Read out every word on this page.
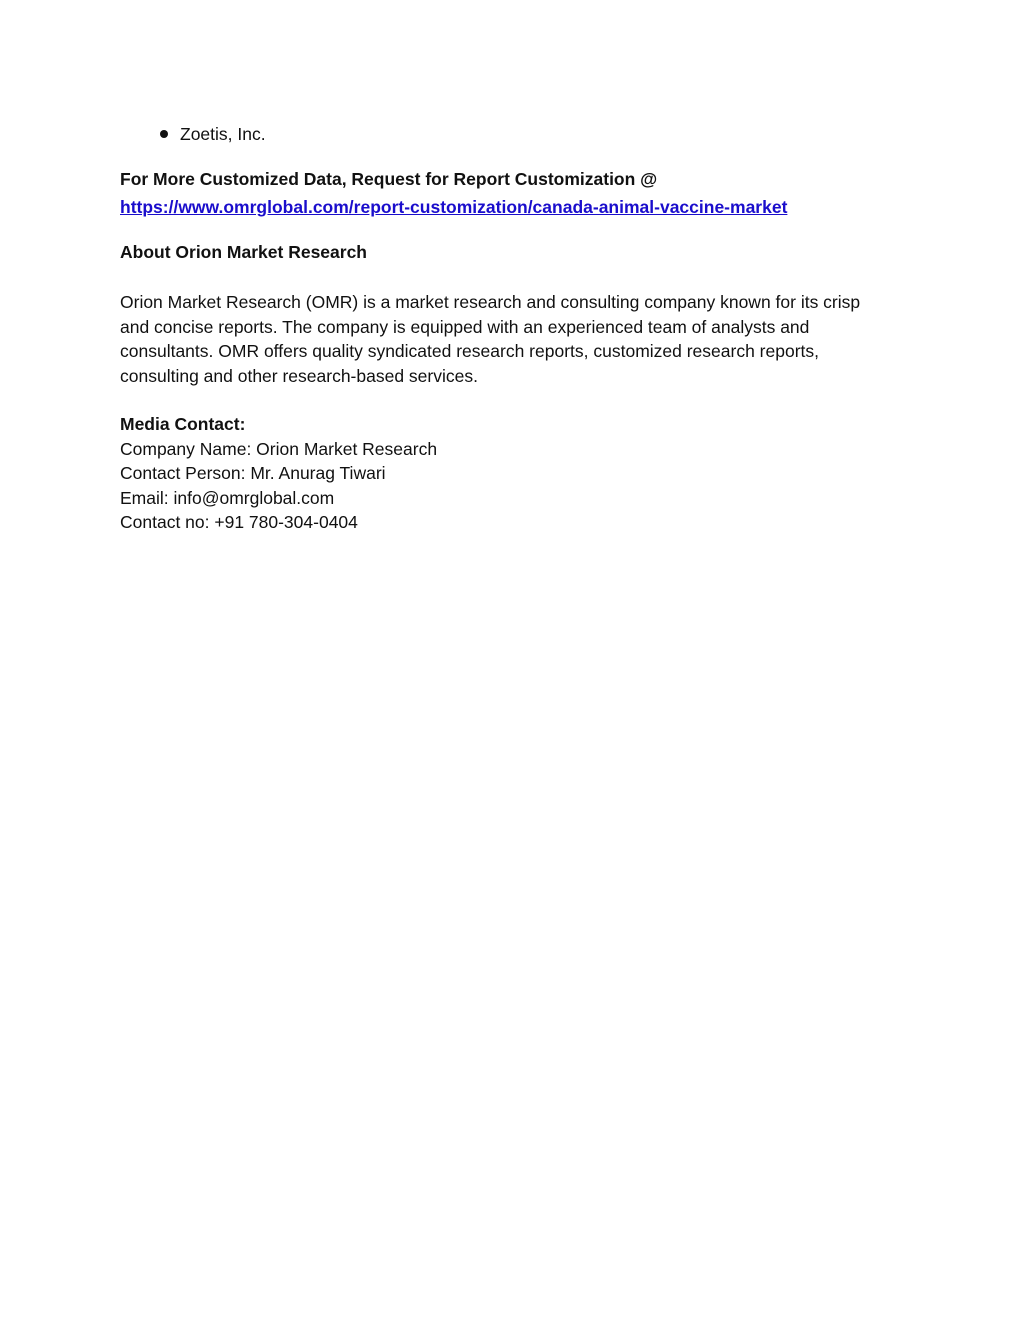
Zoetis, Inc.
For More Customized Data, Request for Report Customization @
https://www.omrglobal.com/report-customization/canada-animal-vaccine-market
About Orion Market Research
Orion Market Research (OMR) is a market research and consulting company known for its crisp
and concise reports. The company is equipped with an experienced team of analysts and
consultants. OMR offers quality syndicated research reports, customized research reports,
consulting and other research-based services.
Media Contact:
Company Name: Orion Market Research
Contact Person: Mr. Anurag Tiwari
Email: info@omrglobal.com
Contact no: +91 780-304-0404
